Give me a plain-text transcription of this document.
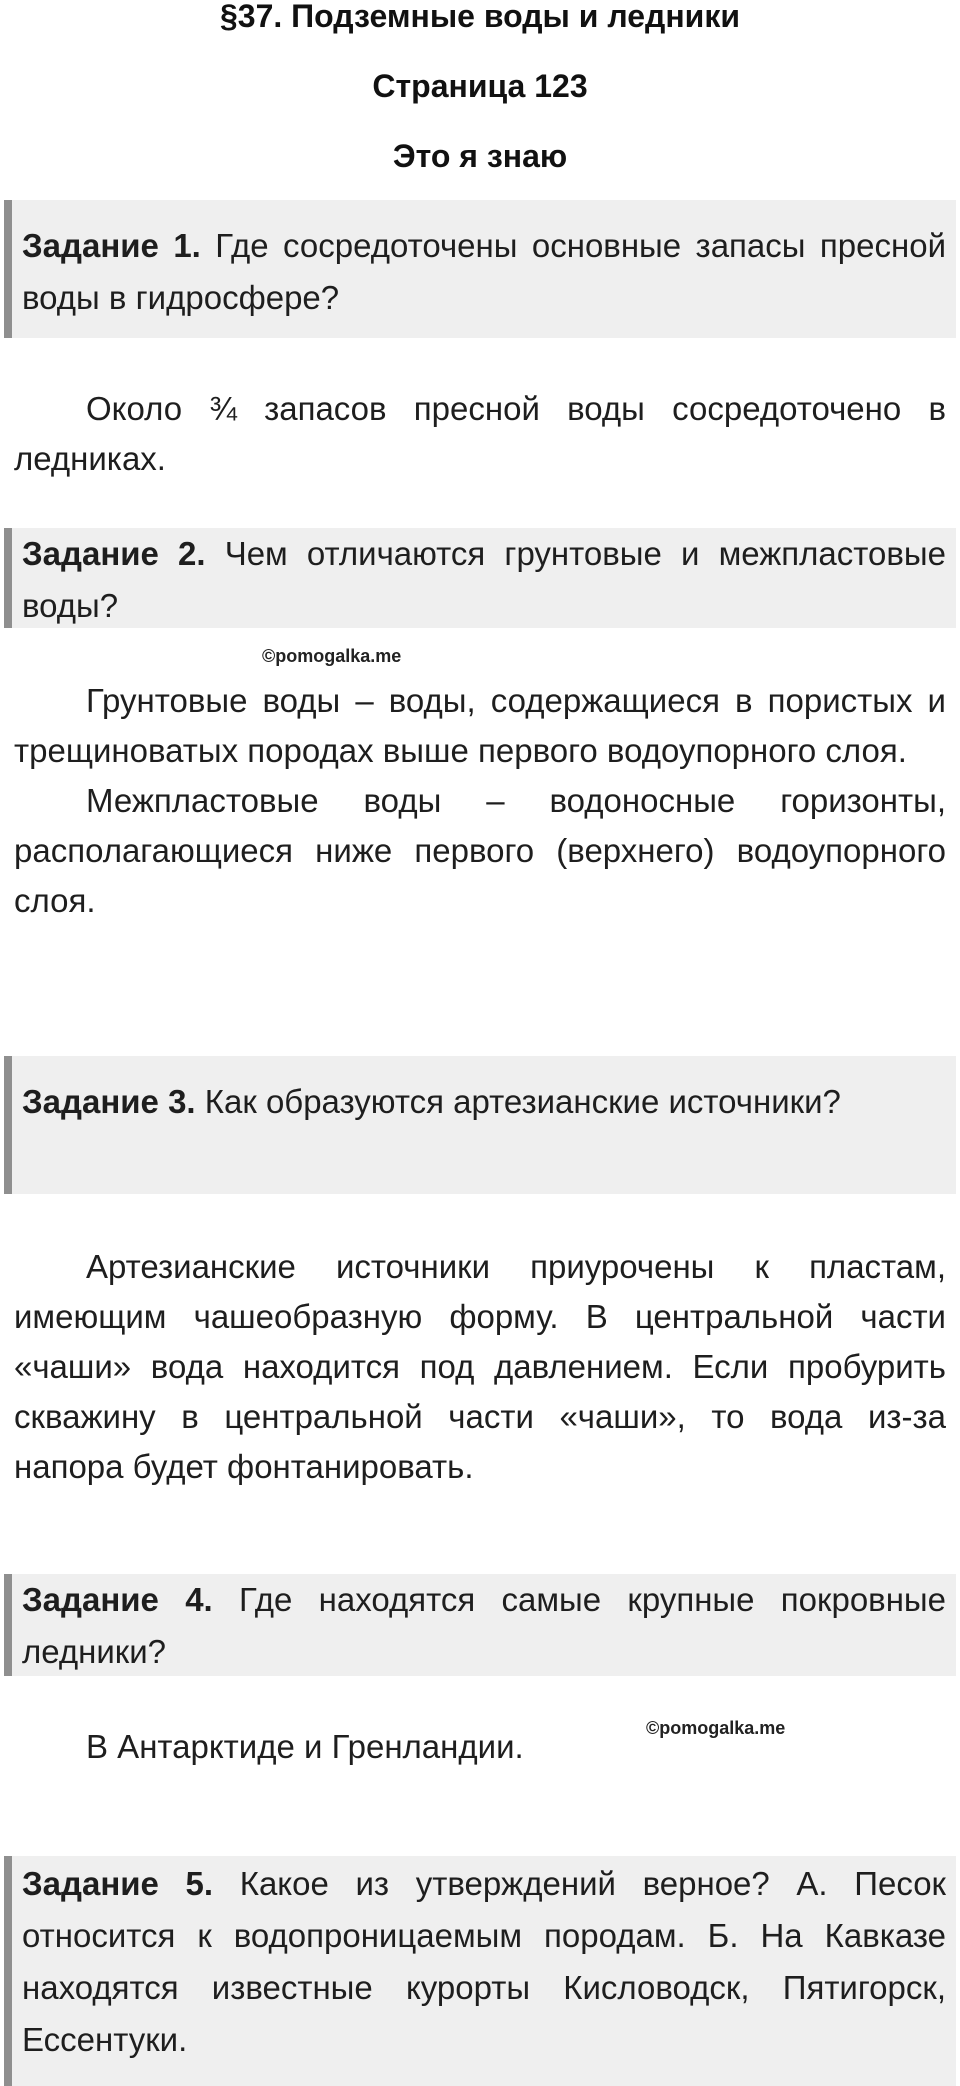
§37. Подземные воды и ледники
Страница 123
Это я знаю
Задание 1. Где сосредоточены основные запасы пресной воды в гидросфере?

Около ¾ запасов пресной воды сосредоточено в ледниках.

Задание 2. Чем отличаются грунтовые и межпластовые воды?
©pomogalka.me

Грунтовые воды – воды, содержащиеся в пористых и трещиноватых породах выше первого водоупорного слоя.

Межпластовые воды – водоносные горизонты, располагающиеся ниже первого (верхнего) водоупорного слоя.

Задание 3. Как образуются артезианские источники?

Артезианские источники приурочены к пластам, имеющим чашеобразную форму. В центральной части «чаши» вода находится под давлением. Если пробурить скважину в центральной части «чаши», то вода из-за напора будет фонтанировать.

Задание 4. Где находятся самые крупные покровные ледники?
©pomogalka.me

В Антарктиде и Гренландии.

Задание 5. Какое из утверждений верное? А. Песок относится к водопроницаемым породам. Б. На Кавказе находятся известные курорты Кисловодск, Пятигорск, Ессентуки.
